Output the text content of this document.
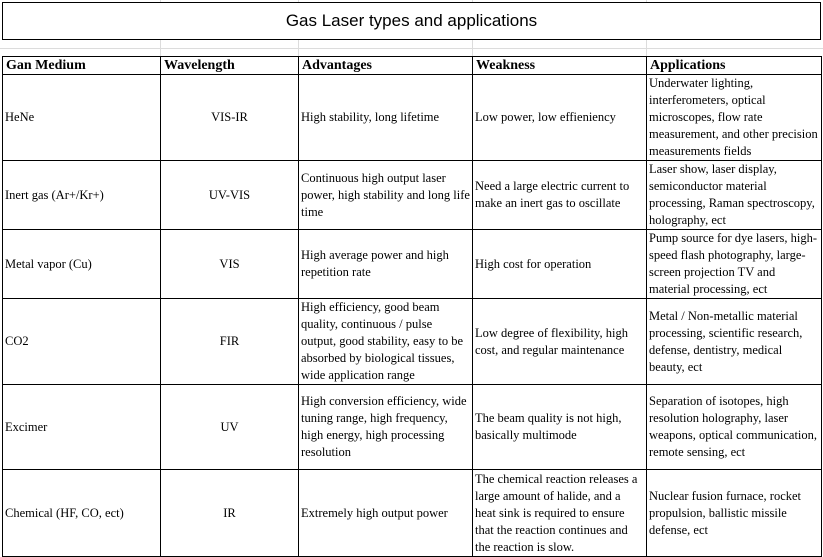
Gas Laser types and applications
Gan Medium	Wavelength	Advantages	Weakness	Applications
HeNe	VIS-IR	High stability, long lifetime	Low power, low effieniency	Underwater lighting, interferometers, optical microscopes, flow rate measurement, and other precision measurements fields
Inert gas (Ar+/Kr+)	UV-VIS	Continuous high output laser power, high stability and long life time	Need a large electric current to make an inert gas to oscillate	Laser show, laser display, semiconductor material processing, Raman spectroscopy, holography, ect
Metal vapor (Cu)	VIS	High average power and high repetition rate	High cost for operation	Pump source for dye lasers, high-speed flash photography, large-screen projection TV and material processing, ect
CO2	FIR	High efficiency, good beam quality, continuous / pulse output, good stability, easy to be absorbed by biological tissues, wide application range	Low degree of flexibility, high cost, and regular maintenance	Metal / Non-metallic material processing, scientific research, defense, dentistry, medical beauty, ect
Excimer	UV	High conversion efficiency, wide tuning range, high frequency, high energy, high processing resolution	The beam quality is not high, basically multimode	Separation of isotopes, high resolution holography, laser weapons, optical communication, remote sensing, ect
Chemical (HF, CO, ect)	IR	Extremely high output power	The chemical reaction releases a large amount of halide, and a heat sink is required to ensure that the reaction continues and the reaction is slow.	Nuclear fusion furnace, rocket propulsion, ballistic missile defense, ect
